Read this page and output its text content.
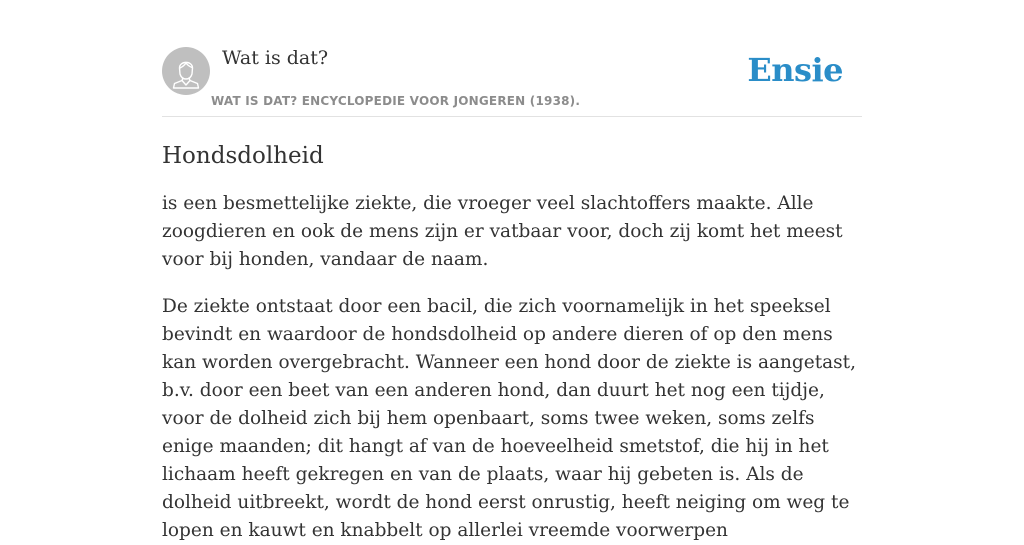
Wat is dat?
WAT IS DAT? ENCYCLOPEDIE VOOR JONGEREN (1938).
Ensie
Hondsdolheid

is een besmettelijke ziekte, die vroeger veel slachtoffers maakte. Alle zoogdieren en ook de mens zijn er vatbaar voor, doch zij komt het meest voor bij honden, vandaar de naam.

De ziekte ontstaat door een bacil, die zich voornamelijk in het speeksel bevindt en waardoor de hondsdolheid op andere dieren of op den mens kan worden overgebracht. Wanneer een hond door de ziekte is aangetast, b.v. door een beet van een anderen hond, dan duurt het nog een tijdje, voor de dolheid zich bij hem openbaart, soms twee weken, soms zelfs enige maanden; dit hangt af van de hoeveelheid smetstof, die hij in het lichaam heeft gekregen en van de plaats, waar hij gebeten is. Als de dolheid uitbreekt, wordt de hond eerst onrustig, heeft neiging om weg te lopen en kauwt en knabbelt op allerlei vreemde voorwerpen
